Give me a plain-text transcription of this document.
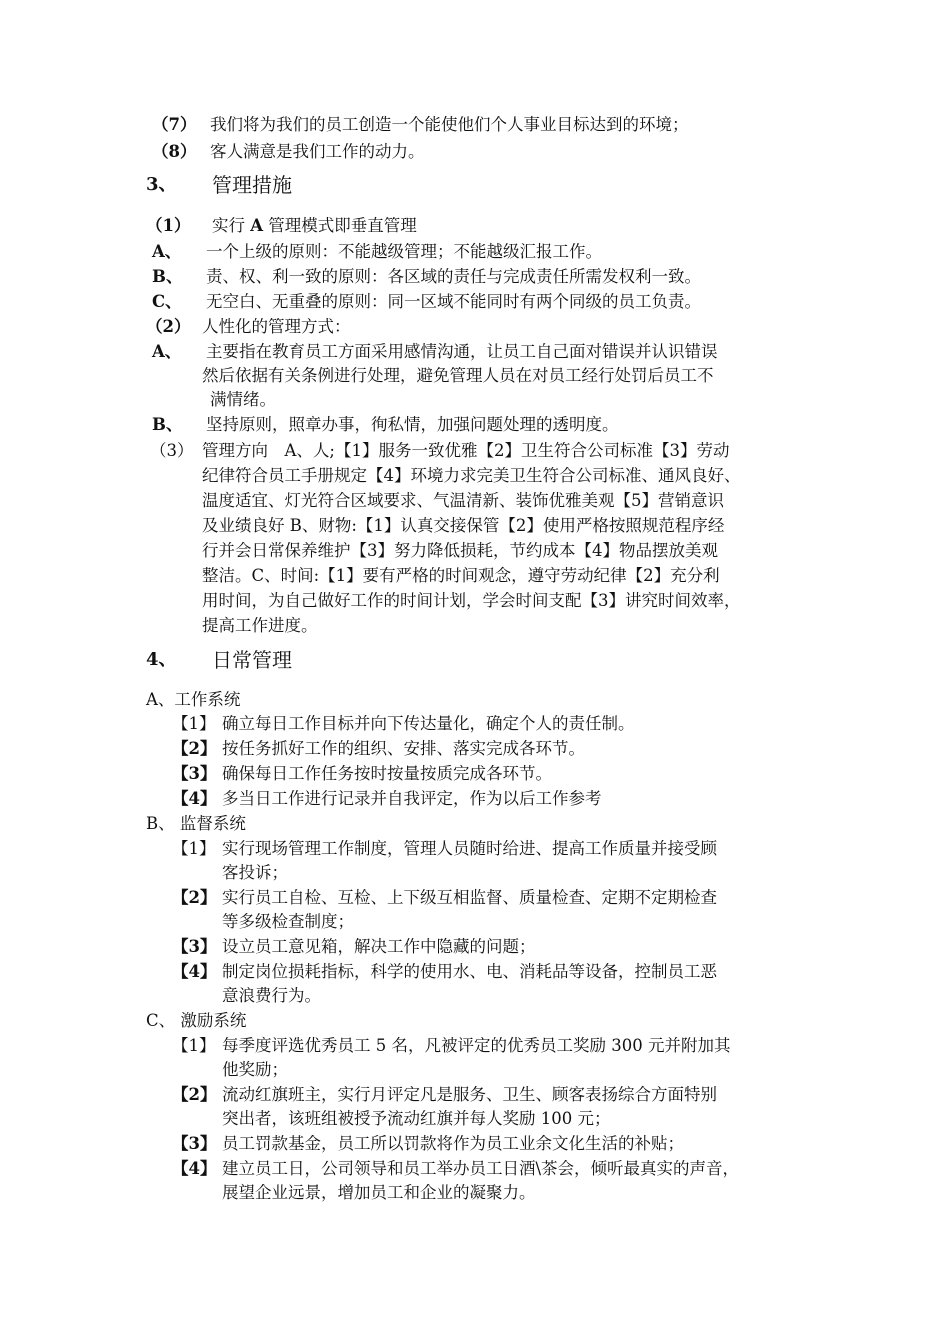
（7） 我们将为我们的员工创造一个能使他们个人事业目标达到的环境；
（8） 客人满意是我们工作的动力。
3、 管理措施
（1） 实行 A 管理模式即垂直管理
A、 一个上级的原则：不能越级管理；不能越级汇报工作。
B、 责、权、利一致的原则：各区域的责任与完成责任所需发权利一致。
C、 无空白、无重叠的原则：同一区域不能同时有两个同级的员工负责。
（2） 人性化的管理方式：
A、 主要指在教育员工方面采用感情沟通，让员工自己面对错误并认识错误
然后依据有关条例进行处理，避免管理人员在对员工经行处罚后员工不
满情绪。
B、 坚持原则，照章办事，徇私情，加强问题处理的透明度。
（3） 管理方向　A、人;【1】服务一致优雅【2】卫生符合公司标准【3】劳动
纪律符合员工手册规定【4】环境力求完美卫生符合公司标准、通风良好、
温度适宜、灯光符合区域要求、气温清新、装饰优雅美观【5】营销意识
及业绩良好 B、财物:【1】认真交接保管【2】使用严格按照规范程序经
行并会日常保养维护【3】努力降低损耗，节约成本【4】物品摆放美观
整洁。C、时间:【1】要有严格的时间观念，遵守劳动纪律【2】充分利
用时间，为自己做好工作的时间计划，学会时间支配【3】讲究时间效率，
提高工作进度。
4、 日常管理
A、工作系统
【1】 确立每日工作目标并向下传达量化，确定个人的责任制。
【2】 按任务抓好工作的组织、安排、落实完成各环节。
【3】 确保每日工作任务按时按量按质完成各环节。
【4】 多当日工作进行记录并自我评定，作为以后工作参考
B、 监督系统
【1】 实行现场管理工作制度，管理人员随时给进、提高工作质量并接受顾
客投诉；
【2】 实行员工自检、互检、上下级互相监督、质量检查、定期不定期检查
等多级检查制度；
【3】 设立员工意见箱，解决工作中隐藏的问题；
【4】 制定岗位损耗指标，科学的使用水、电、消耗品等设备，控制员工恶
意浪费行为。
C、 激励系统
【1】 每季度评选优秀员工 5 名，凡被评定的优秀员工奖励 300 元并附加其
他奖励；
【2】 流动红旗班主，实行月评定凡是服务、卫生、顾客表扬综合方面特别
突出者，该班组被授予流动红旗并每人奖励 100 元；
【3】 员工罚款基金，员工所以罚款将作为员工业余文化生活的补贴；
【4】 建立员工日，公司领导和员工举办员工日酒\茶会，倾听最真实的声音，
展望企业远景，增加员工和企业的凝聚力。
